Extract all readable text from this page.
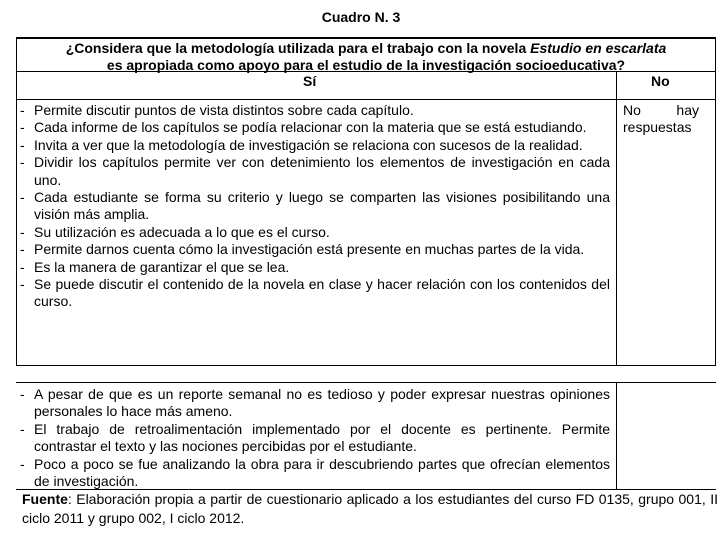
Cuadro N. 3
¿Considera que la metodología utilizada para el trabajo con la novela Estudio en escarlata
es apropiada como apoyo para el estudio de la investigación socioeducativa?
Sí	No
- Permite discutir puntos de vista distintos sobre cada capítulo.
- Cada informe de los capítulos se podía relacionar con la materia que se está estudiando.
- Invita a ver que la metodología de investigación se relaciona con sucesos de la realidad.
- Dividir los capítulos permite ver con detenimiento los elementos de investigación en cada uno.
- Cada estudiante se forma su criterio y luego se comparten las visiones posibilitando una visión más amplia.
- Su utilización es adecuada a lo que es el curso.
- Permite darnos cuenta cómo la investigación está presente en muchas partes de la vida.
- Es la manera de garantizar el que se lea.
- Se puede discutir el contenido de la novela en clase y hacer relación con los contenidos del curso.
No hay respuestas
- A pesar de que es un reporte semanal no es tedioso y poder expresar nuestras opiniones personales lo hace más ameno.
- El trabajo de retroalimentación implementado por el docente es pertinente. Permite contrastar el texto y las nociones percibidas por el estudiante.
- Poco a poco se fue analizando la obra para ir descubriendo partes que ofrecían elementos de investigación.
Fuente: Elaboración propia a partir de cuestionario aplicado a los estudiantes del curso FD 0135, grupo 001, II ciclo 2011 y grupo 002, I ciclo 2012.
